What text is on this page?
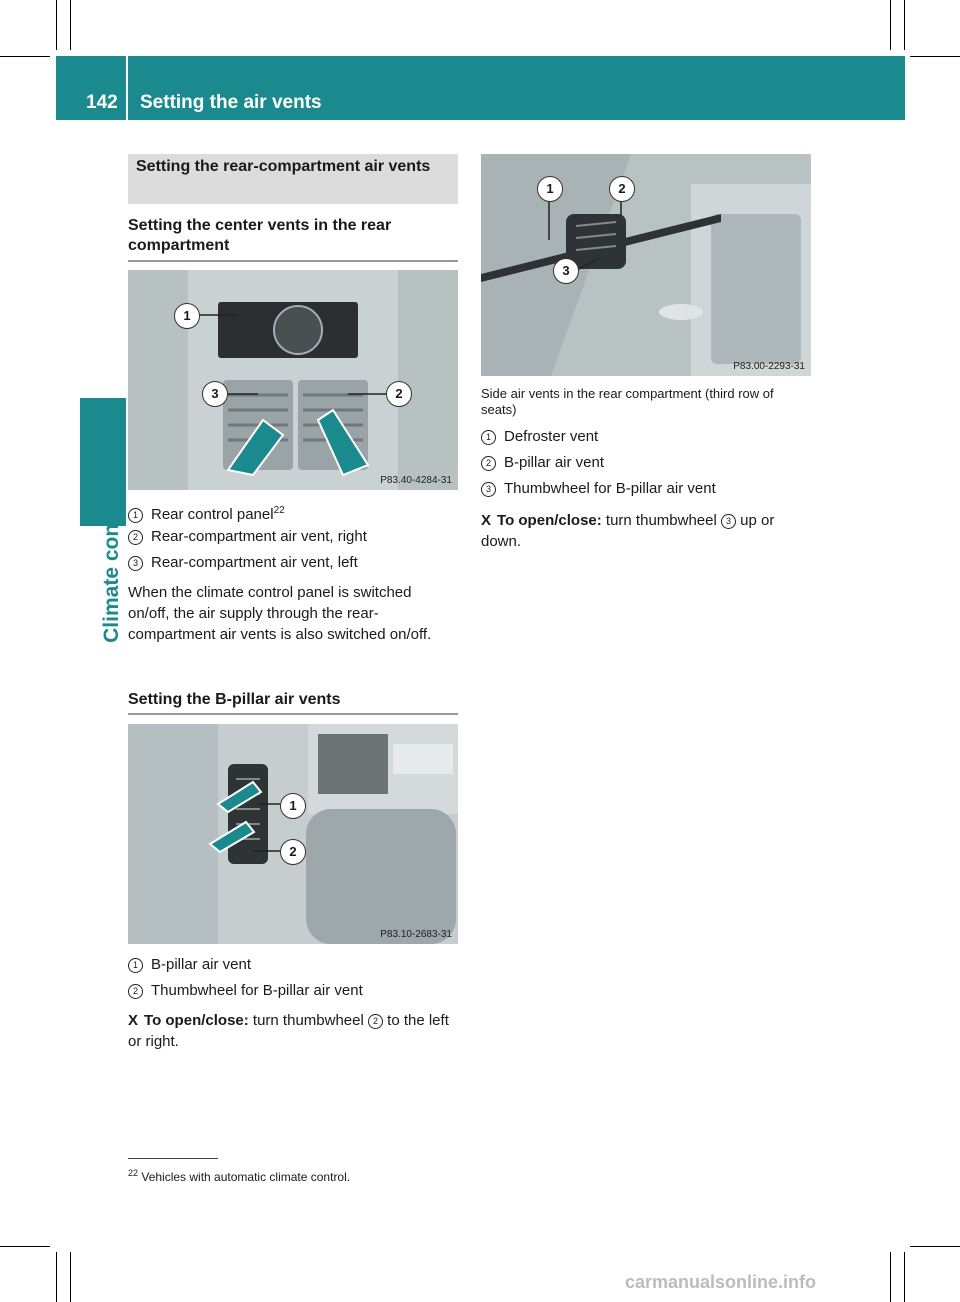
142 Setting the air vents
Climate control
Setting the rear-compartment air vents
Setting the center vents in the rear compartment
1
3	2
P83.40-4284-31
1 Rear control panel$^{22}$
2 Rear-compartment air vent, right
3 Rear-compartment air vent, left
When the climate control panel is switched on/off, the air supply through the rear-compartment air vents is also switched on/off.
Setting the B-pillar air vents
1
2
P83.10-2683-31
1 B-pillar air vent
2 Thumbwheel for B-pillar air vent
X To open/close: turn thumbwheel 2 to the left or right.
1	2
3
P83.00-2293-31
Side air vents in the rear compartment (third row of seats)
1 Defroster vent
2 B-pillar air vent
3 Thumbwheel for B-pillar air vent
X To open/close: turn thumbwheel 3 up or down.
$^{22}$ Vehicles with automatic climate control.
carmanualsonline.info
